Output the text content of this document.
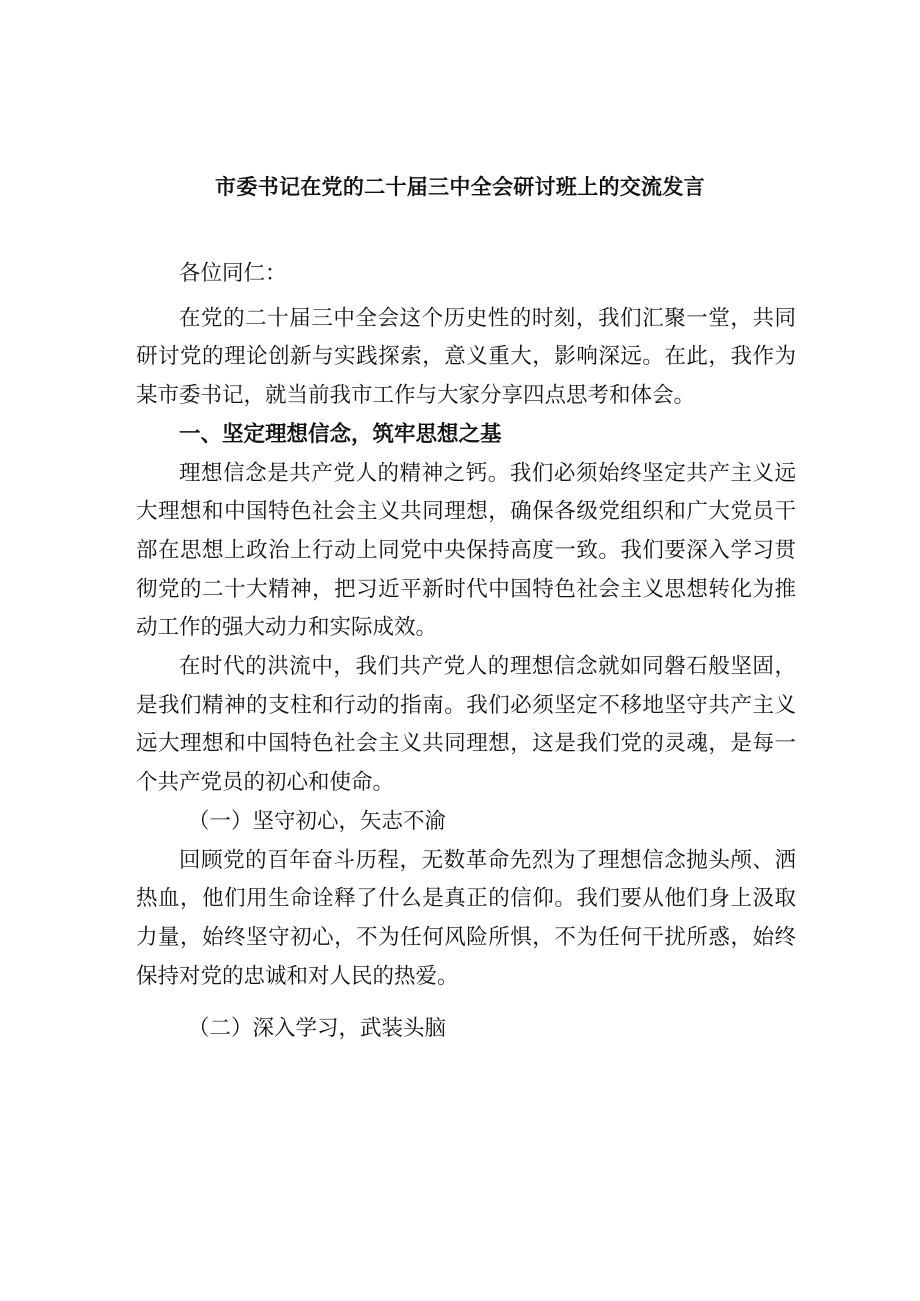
市委书记在党的二十届三中全会研讨班上的交流发言

各位同仁：

在党的二十届三中全会这个历史性的时刻，我们汇聚一堂，共同研讨党的理论创新与实践探索，意义重大，影响深远。在此，我作为某市委书记，就当前我市工作与大家分享四点思考和体会。

一、坚定理想信念，筑牢思想之基

理想信念是共产党人的精神之钙。我们必须始终坚定共产主义远大理想和中国特色社会主义共同理想，确保各级党组织和广大党员干部在思想上政治上行动上同党中央保持高度一致。我们要深入学习贯彻党的二十大精神，把习近平新时代中国特色社会主义思想转化为推动工作的强大动力和实际成效。

在时代的洪流中，我们共产党人的理想信念就如同磐石般坚固，是我们精神的支柱和行动的指南。我们必须坚定不移地坚守共产主义远大理想和中国特色社会主义共同理想，这是我们党的灵魂，是每一个共产党员的初心和使命。

（一）坚守初心，矢志不渝

回顾党的百年奋斗历程，无数革命先烈为了理想信念抛头颅、洒热血，他们用生命诠释了什么是真正的信仰。我们要从他们身上汲取力量，始终坚守初心，不为任何风险所惧，不为任何干扰所惑，始终保持对党的忠诚和对人民的热爱。

（二）深入学习，武装头脑
